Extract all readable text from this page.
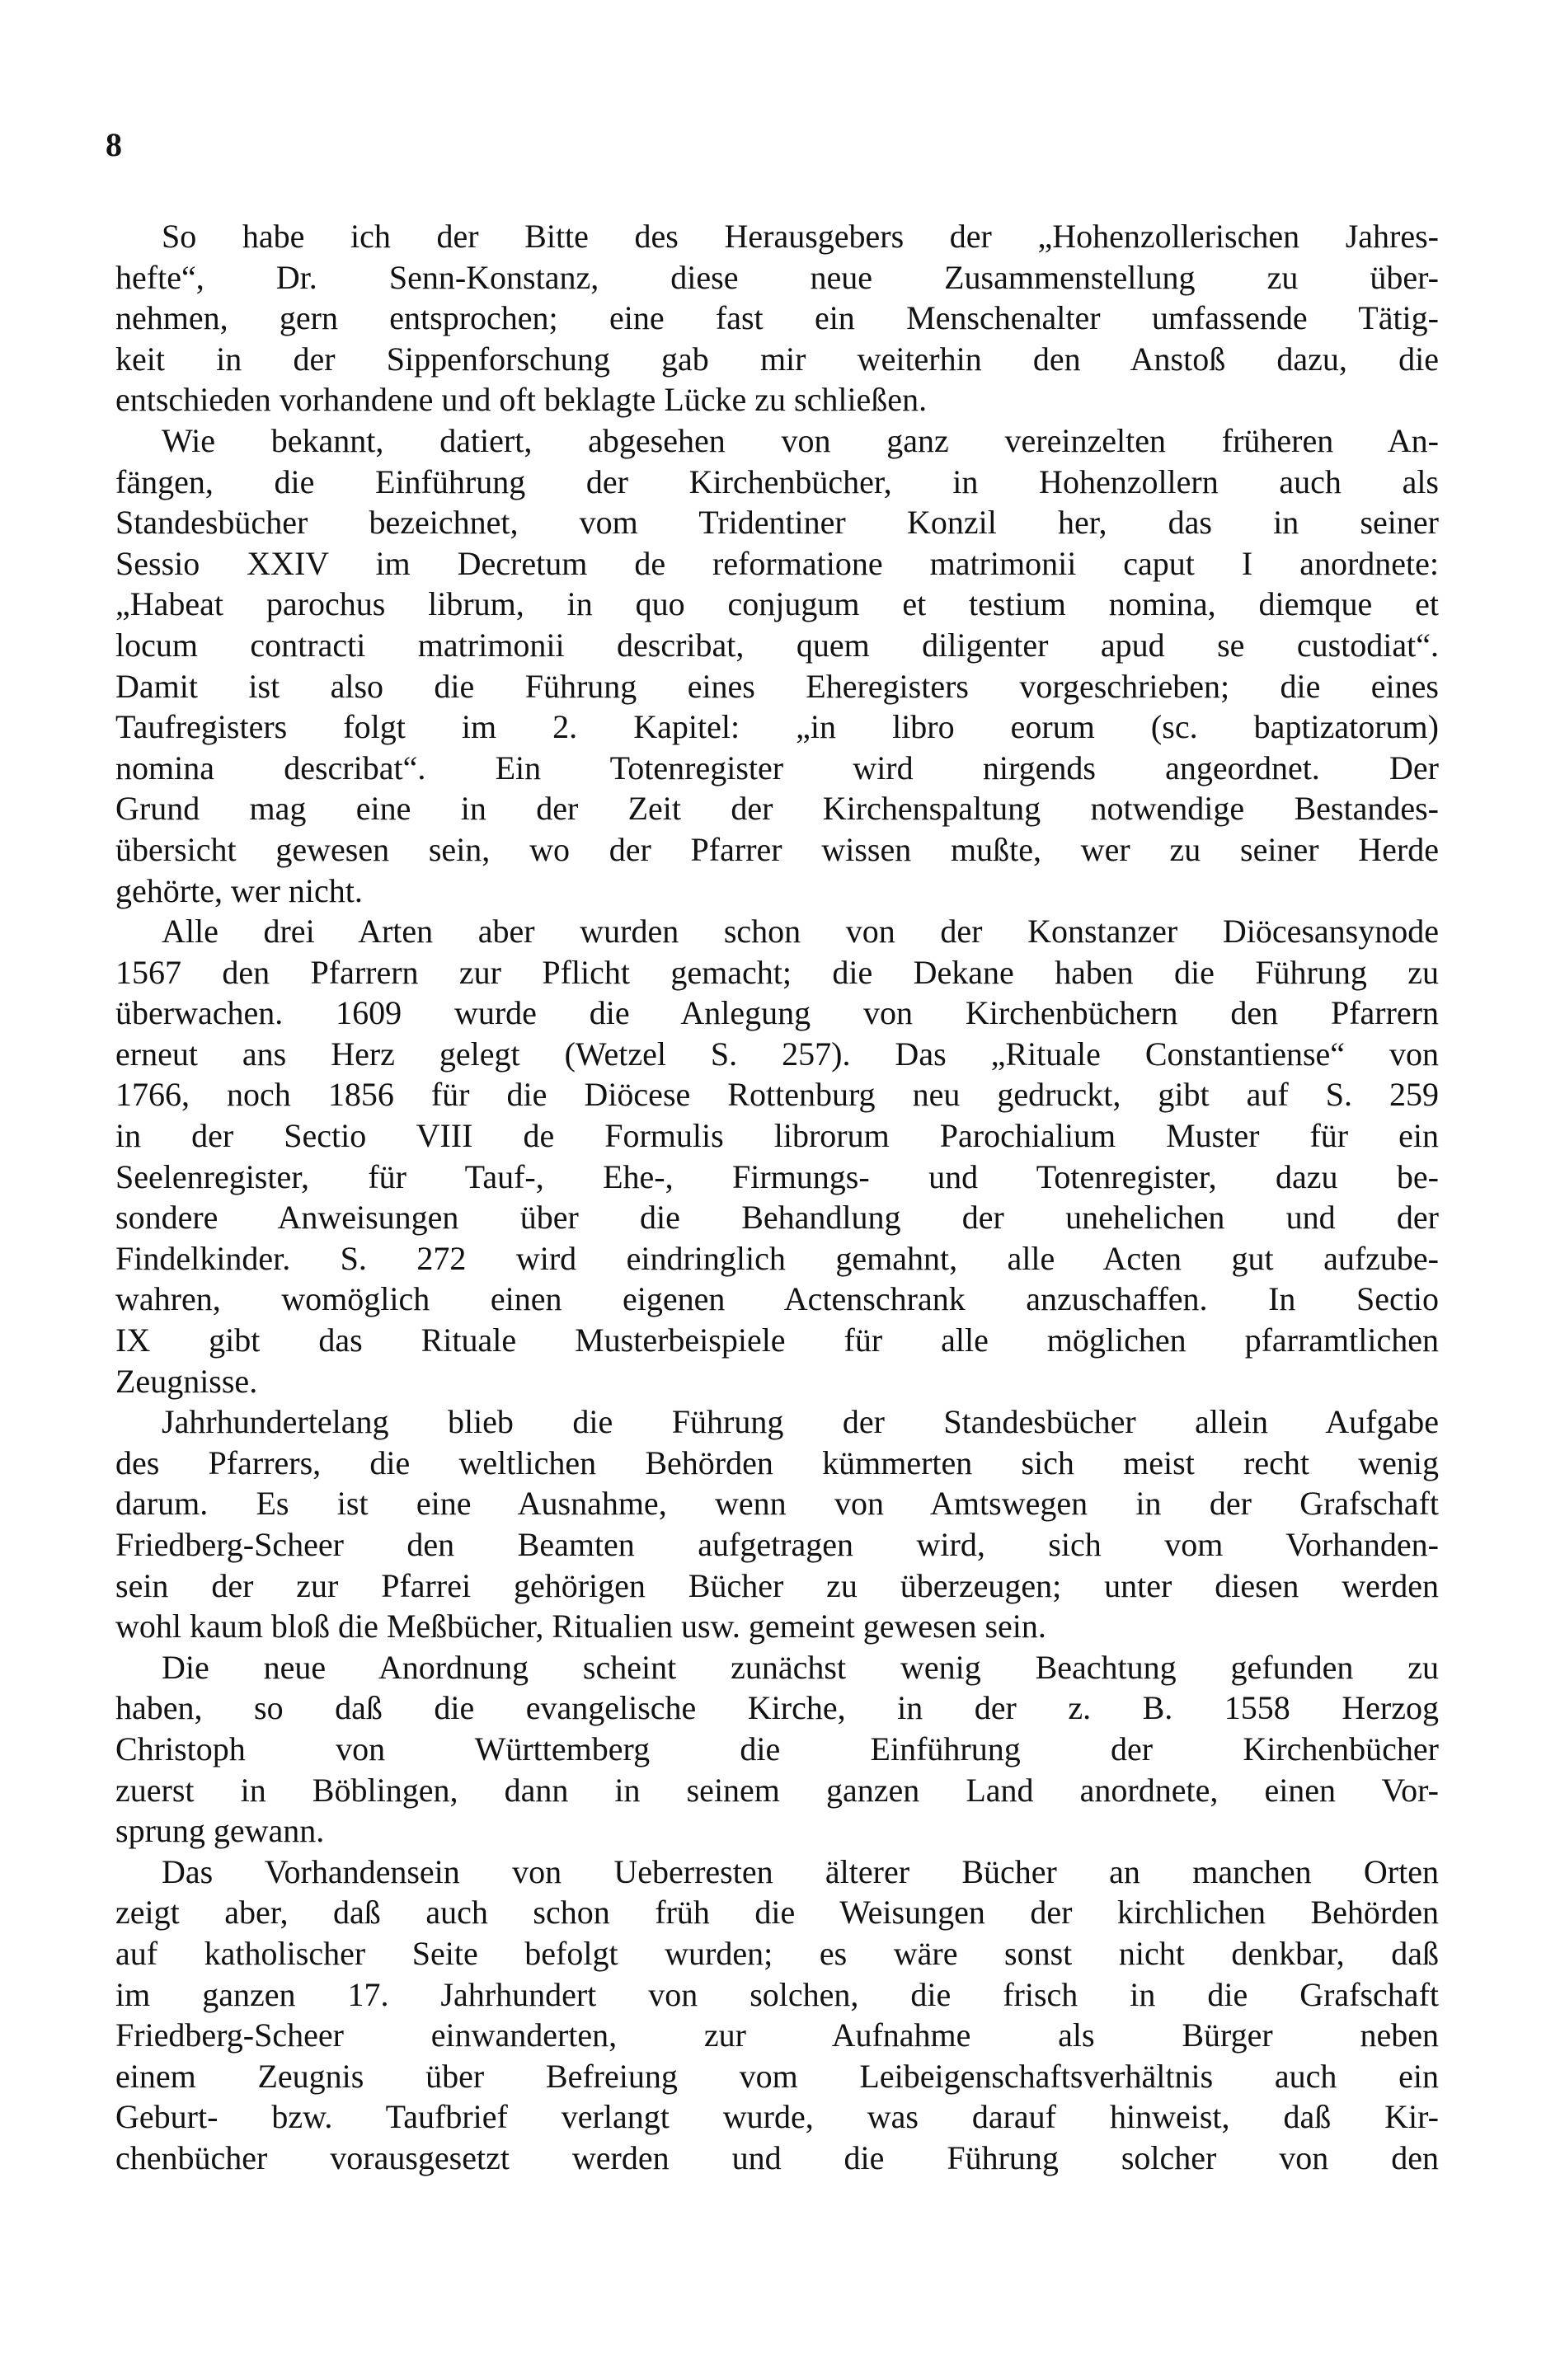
8
So habe ich der Bitte des Herausgebers der „Hohenzollerischen Jahres-
hefte“, Dr. Senn-Konstanz, diese neue Zusammenstellung zu über-
nehmen, gern entsprochen; eine fast ein Menschenalter umfassende Tätig-
keit in der Sippenforschung gab mir weiterhin den Anstoß dazu, die
entschieden vorhandene und oft beklagte Lücke zu schließen.
Wie bekannt, datiert, abgesehen von ganz vereinzelten früheren An-
fängen, die Einführung der Kirchenbücher, in Hohenzollern auch als
Standesbücher bezeichnet, vom Tridentiner Konzil her, das in seiner
Sessio XXIV im Decretum de reformatione matrimonii caput I anordnete:
„Habeat parochus librum, in quo conjugum et testium nomina, diemque et
locum contracti matrimonii describat, quem diligenter apud se custodiat“.
Damit ist also die Führung eines Eheregisters vorgeschrieben; die eines
Taufregisters folgt im 2. Kapitel: „in libro eorum (sc. baptizatorum)
nomina describat“. Ein Totenregister wird nirgends angeordnet. Der
Grund mag eine in der Zeit der Kirchenspaltung notwendige Bestandes-
übersicht gewesen sein, wo der Pfarrer wissen mußte, wer zu seiner Herde
gehörte, wer nicht.
Alle drei Arten aber wurden schon von der Konstanzer Diöcesansynode
1567 den Pfarrern zur Pflicht gemacht; die Dekane haben die Führung zu
überwachen. 1609 wurde die Anlegung von Kirchenbüchern den Pfarrern
erneut ans Herz gelegt (Wetzel S. 257). Das „Rituale Constantiense“ von
1766, noch 1856 für die Diöcese Rottenburg neu gedruckt, gibt auf S. 259
in der Sectio VIII de Formulis librorum Parochialium Muster für ein
Seelenregister, für Tauf-, Ehe-, Firmungs- und Totenregister, dazu be-
sondere Anweisungen über die Behandlung der unehelichen und der
Findelkinder. S. 272 wird eindringlich gemahnt, alle Acten gut aufzube-
wahren, womöglich einen eigenen Actenschrank anzuschaffen. In Sectio
IX gibt das Rituale Musterbeispiele für alle möglichen pfarramtlichen
Zeugnisse.
Jahrhundertelang blieb die Führung der Standesbücher allein Aufgabe
des Pfarrers, die weltlichen Behörden kümmerten sich meist recht wenig
darum. Es ist eine Ausnahme, wenn von Amtswegen in der Grafschaft
Friedberg-Scheer den Beamten aufgetragen wird, sich vom Vorhanden-
sein der zur Pfarrei gehörigen Bücher zu überzeugen; unter diesen werden
wohl kaum bloß die Meßbücher, Ritualien usw. gemeint gewesen sein.
Die neue Anordnung scheint zunächst wenig Beachtung gefunden zu
haben, so daß die evangelische Kirche, in der z. B. 1558 Herzog
Christoph von Württemberg die Einführung der Kirchenbücher
zuerst in Böblingen, dann in seinem ganzen Land anordnete, einen Vor-
sprung gewann.
Das Vorhandensein von Ueberresten älterer Bücher an manchen Orten
zeigt aber, daß auch schon früh die Weisungen der kirchlichen Behörden
auf katholischer Seite befolgt wurden; es wäre sonst nicht denkbar, daß
im ganzen 17. Jahrhundert von solchen, die frisch in die Grafschaft
Friedberg-Scheer einwanderten, zur Aufnahme als Bürger neben
einem Zeugnis über Befreiung vom Leibeigenschaftsverhältnis auch ein
Geburt- bzw. Taufbrief verlangt wurde, was darauf hinweist, daß Kir-
chenbücher vorausgesetzt werden und die Führung solcher von den
